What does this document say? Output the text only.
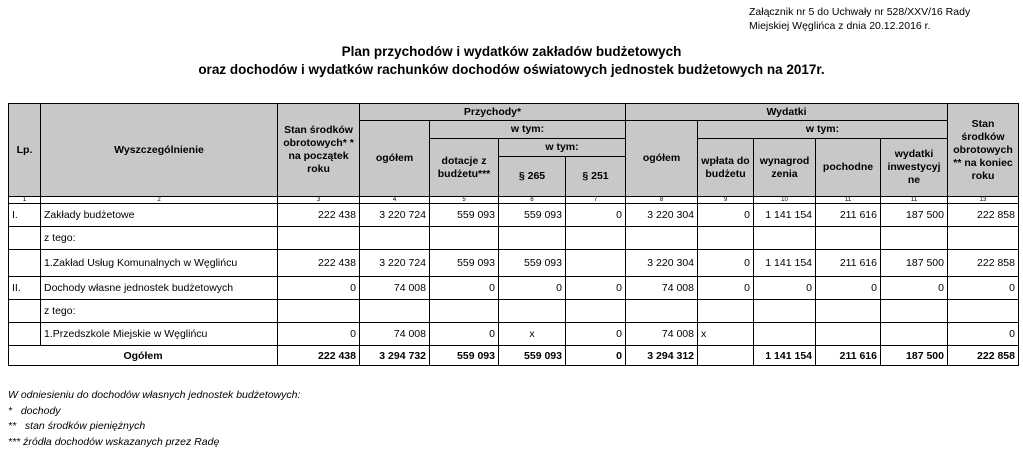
Załącznik nr 5 do Uchwały nr 528/XXV/16 Rady
Miejskiej Węglińca z dnia 20.12.2016 r.
Plan przychodów i wydatków zakładów budżetowych
oraz dochodów i wydatków rachunków dochodów oświatowych jednostek budżetowych na 2017r.
Lp.	Wyszczególnienie	Stan środków obrotowych* * na początek roku	Przychody*				Wydatki					Stan środków obrotowych ** na koniec roku
			ogółem	w tym:			ogółem	w tym:				
				dotacje z budżetu***	w tym:			wpłata do budżetu	wynagrod zenia	pochodne	wydatki inwestycyj ne	
					§ 265	§ 251						
1	2	3	4	5	6	7	8	9	10	11	11	13
I.	Zakłady budżetowe	222 438	3 220 724	559 093	559 093	0	3 220 304	0	1 141 154	211 616	187 500	222 858
	z tego:											
	1.Zakład Usług Komunalnych w Węglińcu	222 438	3 220 724	559 093	559 093		3 220 304	0	1 141 154	211 616	187 500	222 858
II.	Dochody własne jednostek budżetowych	0	74 008	0	0	0	74 008	0	0	0	0	0
	z tego:											
	1.Przedszkole Miejskie w Węglińcu	0	74 008	0	x	0	74 008	x				0
Ogółem		222 438	3 294 732	559 093	559 093	0	3 294 312		1 141 154	211 616	187 500	222 858
W odniesieniu do dochodów własnych jednostek budżetowych:
*   dochody
**   stan środków pieniężnych
*** źródła dochodów wskazanych przez Radę
